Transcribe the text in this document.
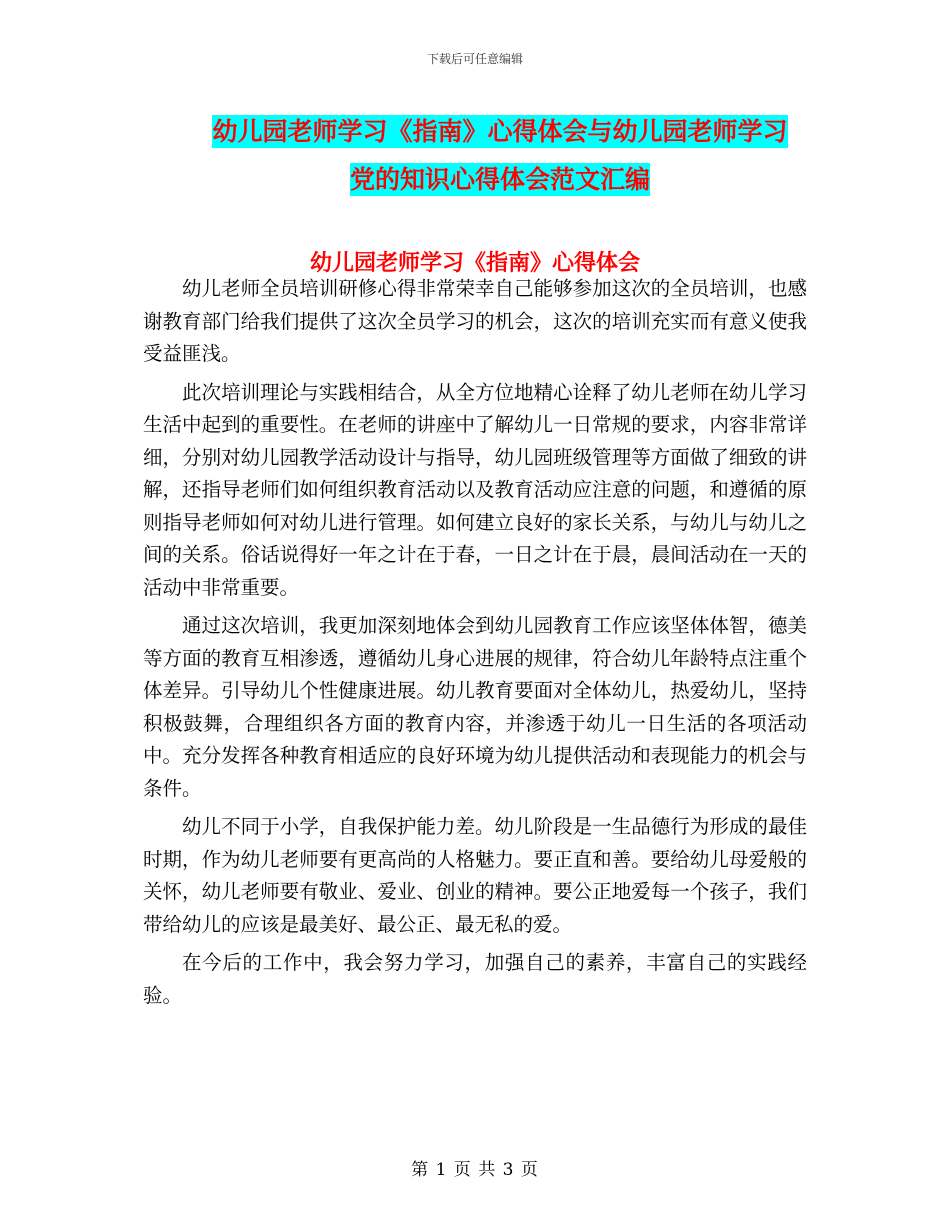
下载后可任意编辑
幼儿园老师学习《指南》心得体会与幼儿园老师学习
党的知识心得体会范文汇编
幼儿园老师学习《指南》心得体会

幼儿老师全员培训研修心得非常荣幸自己能够参加这次的全员培训，也感谢教育部门给我们提供了这次全员学习的机会，这次的培训充实而有意义使我受益匪浅。

此次培训理论与实践相结合，从全方位地精心诠释了幼儿老师在幼儿学习生活中起到的重要性。在老师的讲座中了解幼儿一日常规的要求，内容非常详细，分别对幼儿园教学活动设计与指导，幼儿园班级管理等方面做了细致的讲解，还指导老师们如何组织教育活动以及教育活动应注意的问题，和遵循的原则指导老师如何对幼儿进行管理。如何建立良好的家长关系，与幼儿与幼儿之间的关系。俗话说得好一年之计在于春，一日之计在于晨，晨间活动在一天的活动中非常重要。

通过这次培训，我更加深刻地体会到幼儿园教育工作应该坚体体智，德美等方面的教育互相渗透，遵循幼儿身心进展的规律，符合幼儿年龄特点注重个体差异。引导幼儿个性健康进展。幼儿教育要面对全体幼儿，热爱幼儿，坚持积极鼓舞，合理组织各方面的教育内容，并渗透于幼儿一日生活的各项活动中。充分发挥各种教育相适应的良好环境为幼儿提供活动和表现能力的机会与条件。

幼儿不同于小学，自我保护能力差。幼儿阶段是一生品德行为形成的最佳时期，作为幼儿老师要有更高尚的人格魅力。要正直和善。要给幼儿母爱般的关怀，幼儿老师要有敬业、爱业、创业的精神。要公正地爱每一个孩子，我们带给幼儿的应该是最美好、最公正、最无私的爱。

在今后的工作中，我会努力学习，加强自己的素养，丰富自己的实践经验。

第 1 页 共 3 页
